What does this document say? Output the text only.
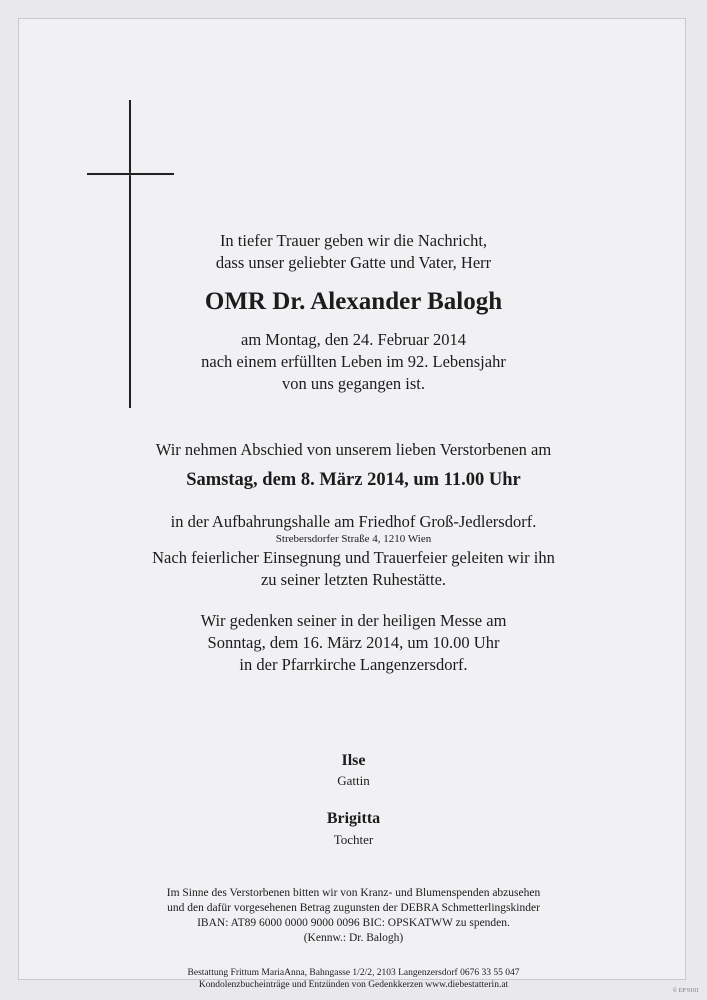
In tiefer Trauer geben wir die Nachricht,
dass unser geliebter Gatte und Vater, Herr
OMR Dr. Alexander Balogh
am Montag, den 24. Februar 2014
nach einem erfüllten Leben im 92. Lebensjahr
von uns gegangen ist.
Wir nehmen Abschied von unserem lieben Verstorbenen am
Samstag, dem 8. März 2014, um 11.00 Uhr
in der Aufbahrungshalle am Friedhof Groß-Jedlersdorf.
Strebersdorfer Straße 4, 1210 Wien
Nach feierlicher Einsegnung und Trauerfeier geleiten wir ihn
zu seiner letzten Ruhestätte.
Wir gedenken seiner in der heiligen Messe am
Sonntag, dem 16. März 2014, um 10.00 Uhr
in der Pfarrkirche Langenzersdorf.
Ilse
Gattin
Brigitta
Tochter
Im Sinne des Verstorbenen bitten wir von Kranz- und Blumenspenden abzusehen
und den dafür vorgesehenen Betrag zugunsten der DEBRA Schmetterlingskinder
IBAN: AT89 6000 0000 9000 0096 BIC: OPSKATWW zu spenden.
(Kennw.: Dr. Balogh)
Bestattung Frittum MariaAnna, Bahngasse 1/2/2, 2103 Langenzersdorf 0676 33 55 047
Kondolenzbucheinträge und Entzünden von Gedenkkerzen www.diebestatterin.at
© EP 9101
